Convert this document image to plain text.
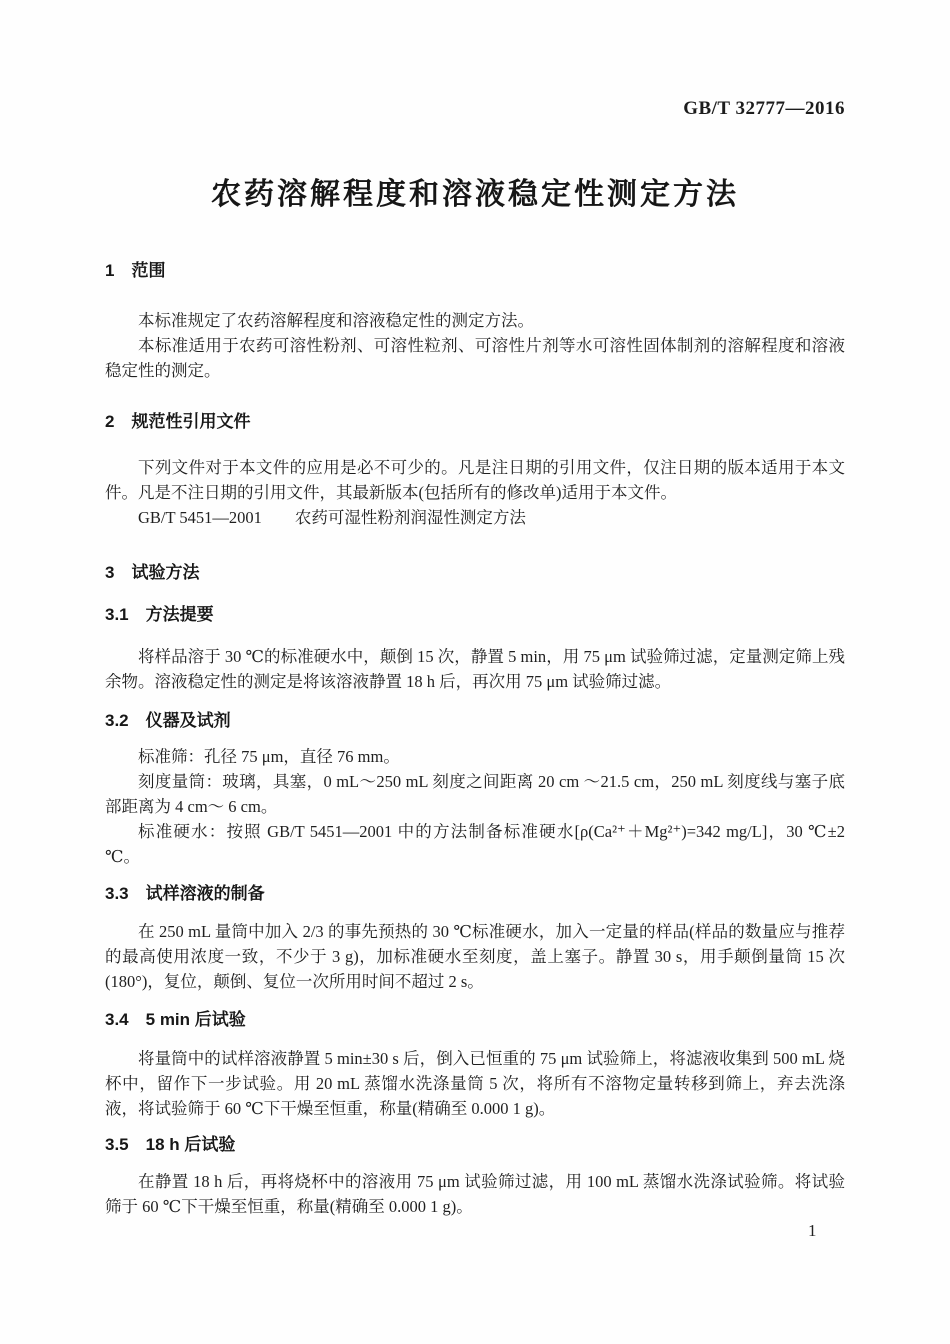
GB/T 32777—2016
农药溶解程度和溶液稳定性测定方法
1 范围

本标准规定了农药溶解程度和溶液稳定性的测定方法。

本标准适用于农药可溶性粉剂、可溶性粒剂、可溶性片剂等水可溶性固体制剂的溶解程度和溶液稳定性的测定。

2 规范性引用文件

下列文件对于本文件的应用是必不可少的。凡是注日期的引用文件，仅注日期的版本适用于本文件。凡是不注日期的引用文件，其最新版本(包括所有的修改单)适用于本文件。

GB/T 5451—2001　　农药可湿性粉剂润湿性测定方法

3 试验方法
3.1 方法提要

将样品溶于 30 ℃的标准硬水中，颠倒 15 次，静置 5 min，用 75 μm 试验筛过滤，定量测定筛上残余物。溶液稳定性的测定是将该溶液静置 18 h 后，再次用 75 μm 试验筛过滤。

3.2 仪器及试剂

标准筛：孔径 75 μm，直径 76 mm。

刻度量筒：玻璃，具塞，0 mL～250 mL 刻度之间距离 20 cm ～21.5 cm，250 mL 刻度线与塞子底部距离为 4 cm～ 6 cm。

标准硬水：按照 GB/T 5451—2001 中的方法制备标准硬水[ρ(Ca²⁺＋Mg²⁺)=342 mg/L]，30 ℃±2 ℃。

3.3 试样溶液的制备

在 250 mL 量筒中加入 2/3 的事先预热的 30 ℃标准硬水，加入一定量的样品(样品的数量应与推荐的最高使用浓度一致，不少于 3 g)，加标准硬水至刻度，盖上塞子。静置 30 s，用手颠倒量筒 15 次(180°)，复位，颠倒、复位一次所用时间不超过 2 s。

3.4 5 min 后试验

将量筒中的试样溶液静置 5 min±30 s 后，倒入已恒重的 75 μm 试验筛上，将滤液收集到 500 mL 烧杯中，留作下一步试验。用 20 mL 蒸馏水洗涤量筒 5 次，将所有不溶物定量转移到筛上，弃去洗涤液，将试验筛于 60 ℃下干燥至恒重，称量(精确至 0.000 1 g)。

3.5 18 h 后试验

在静置 18 h 后，再将烧杯中的溶液用 75 μm 试验筛过滤，用 100 mL 蒸馏水洗涤试验筛。将试验筛于 60 ℃下干燥至恒重，称量(精确至 0.000 1 g)。

1
